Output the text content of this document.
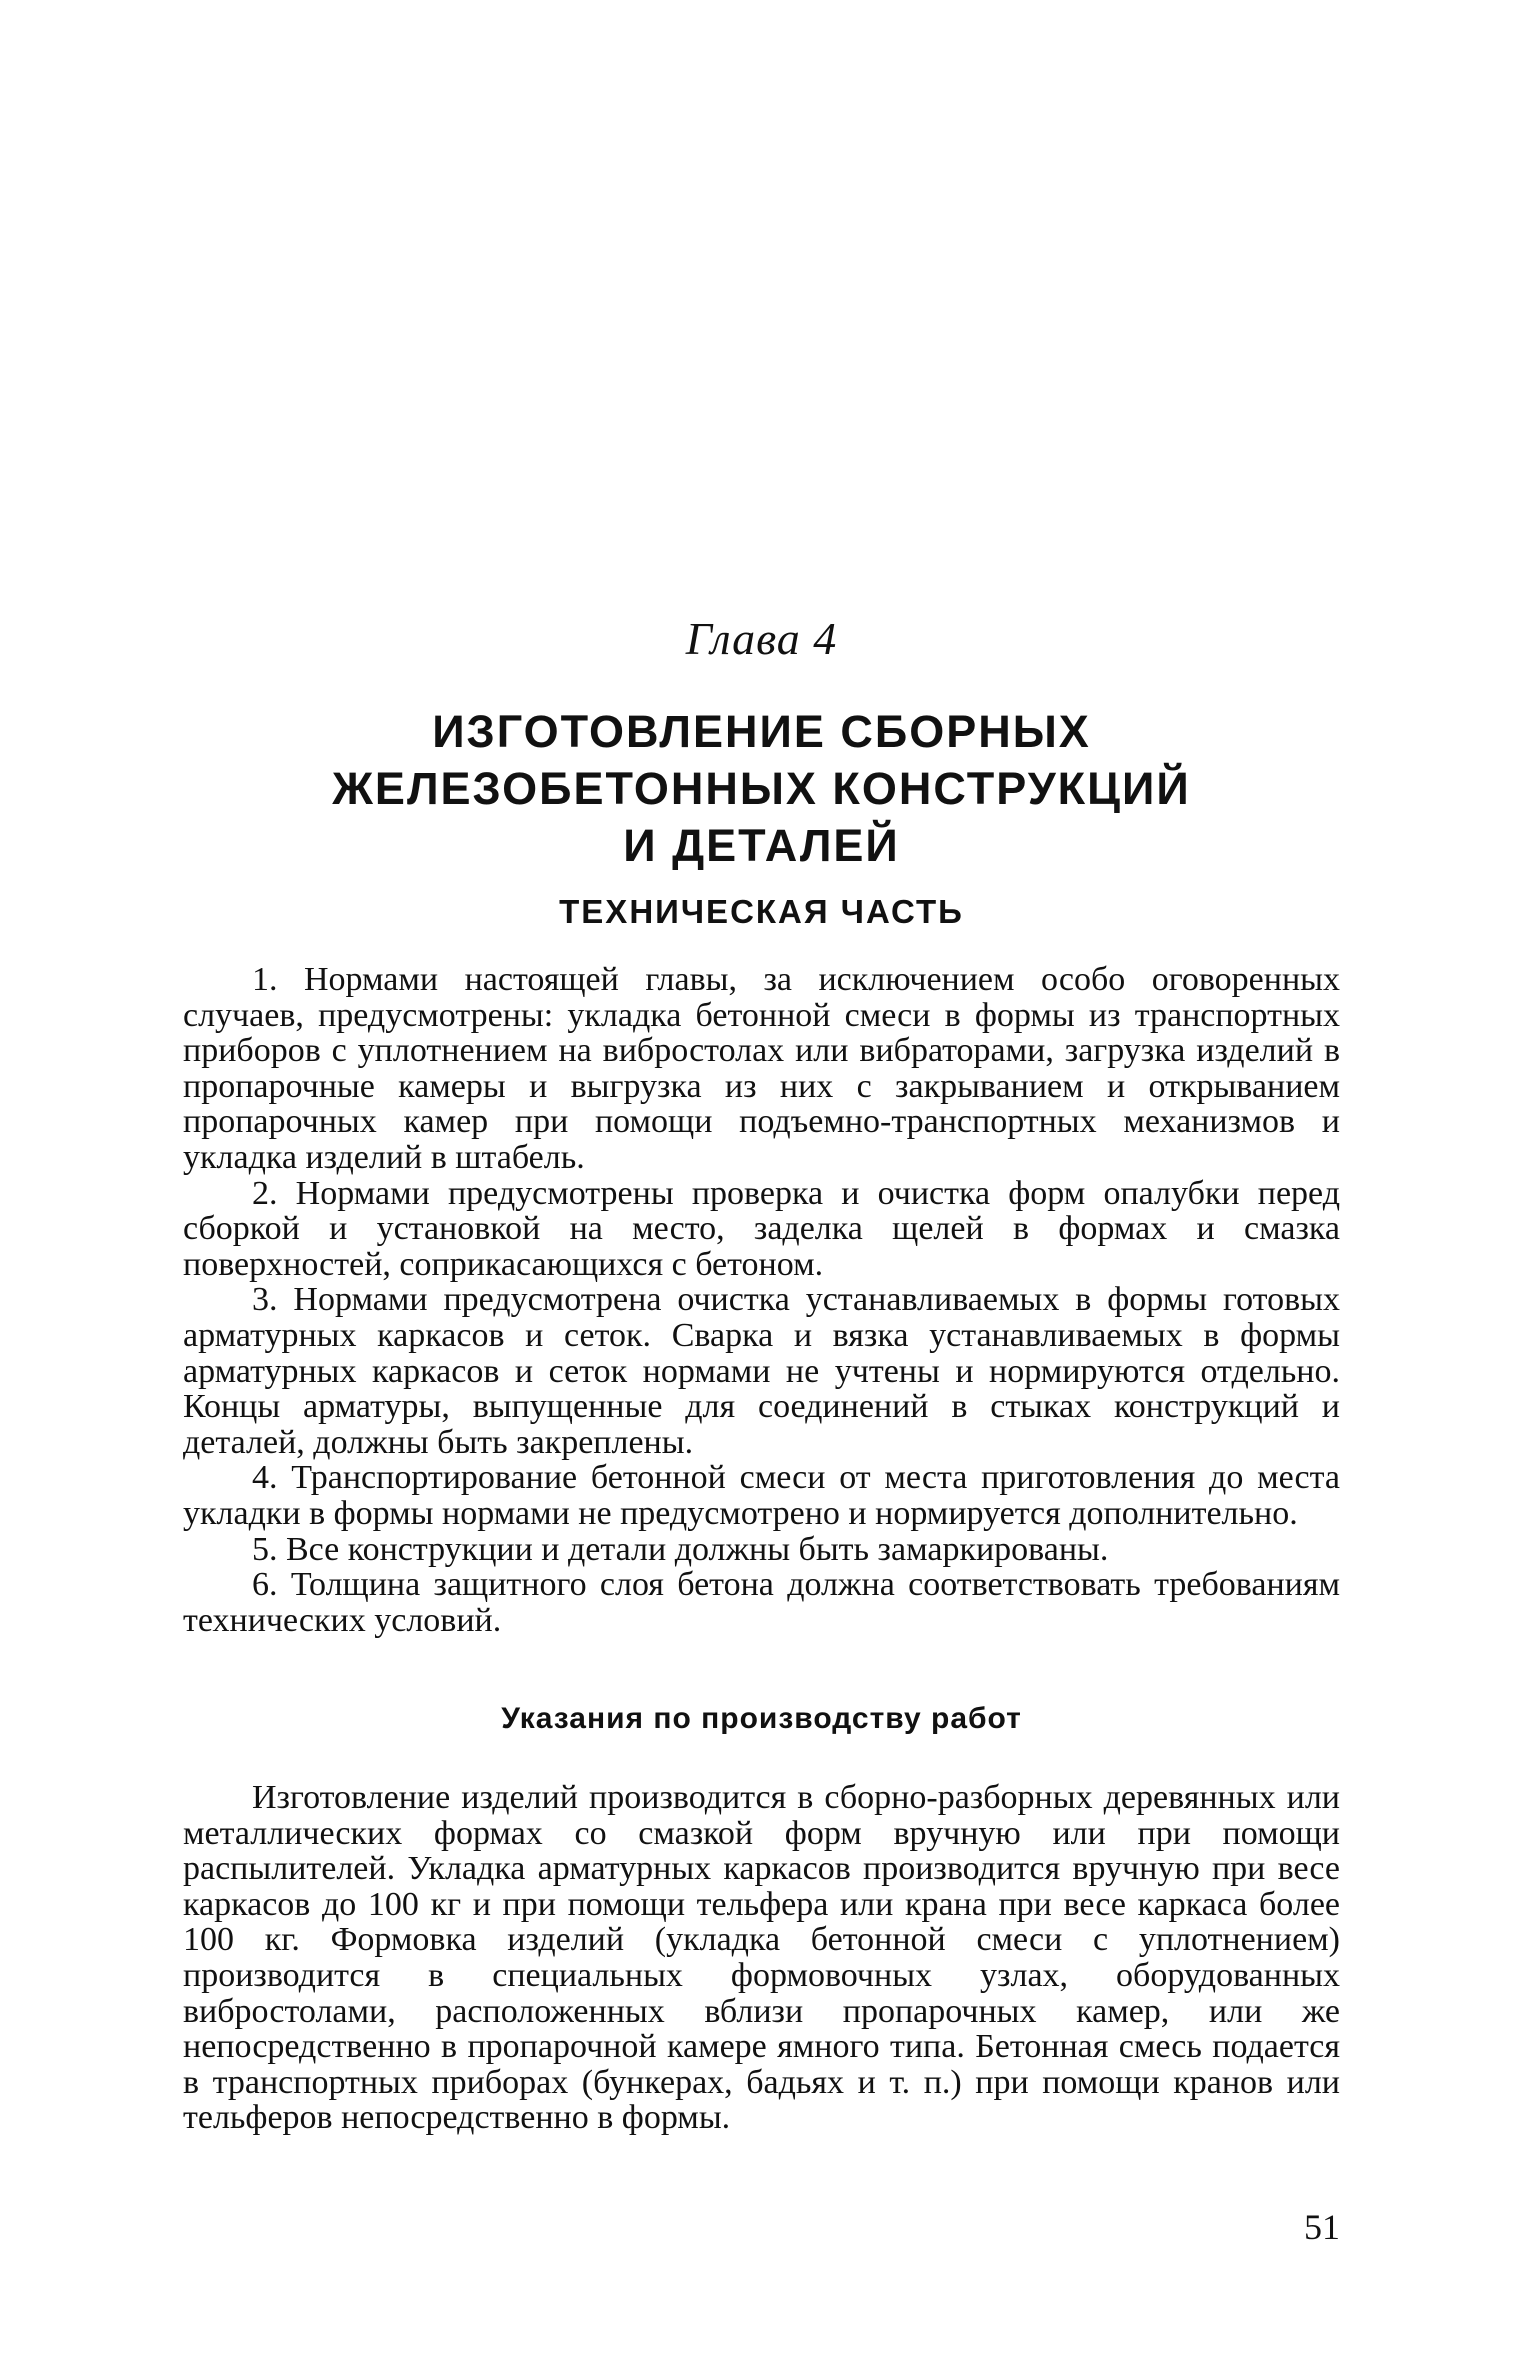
Глава 4
ИЗГОТОВЛЕНИЕ СБОРНЫХ
ЖЕЛЕЗОБЕТОННЫХ КОНСТРУКЦИЙ
И ДЕТАЛЕЙ
ТЕХНИЧЕСКАЯ ЧАСТЬ

1. Нормами настоящей главы, за исключением особо оговоренных случаев, предусмотрены: укладка бетонной смеси в формы из транспортных приборов с уплотнением на вибростолах или вибраторами, загрузка изделий в пропарочные камеры и выгрузка из них с закрыванием и открыванием пропарочных камер при помощи подъемно-транспортных механизмов и укладка изделий в штабель.

2. Нормами предусмотрены проверка и очистка форм опалубки перед сборкой и установкой на место, заделка щелей в формах и смазка поверхностей, соприкасающихся с бетоном.

3. Нормами предусмотрена очистка устанавливаемых в формы готовых арматурных каркасов и сеток. Сварка и вязка устанавливаемых в формы арматурных каркасов и сеток нормами не учтены и нормируются отдельно. Концы арматуры, выпущенные для соединений в стыках конструкций и деталей, должны быть закреплены.

4. Транспортирование бетонной смеси от места приготовления до места укладки в формы нормами не предусмотрено и нормируется дополнительно.

5. Все конструкции и детали должны быть замаркированы.

6. Толщина защитного слоя бетона должна соответствовать требованиям технических условий.

Указания по производству работ

Изготовление изделий производится в сборно-разборных деревянных или металлических формах со смазкой форм вручную или при помощи распылителей. Укладка арматурных каркасов производится вручную при весе каркасов до 100 кг и при помощи тельфера или крана при весе каркаса более 100 кг. Формовка изделий (укладка бетонной смеси с уплотнением) производится в специальных формовочных узлах, оборудованных вибростолами, расположенных вблизи пропарочных камер, или же непосредственно в пропарочной камере ямного типа. Бетонная смесь подается в транспортных приборах (бункерах, бадьях и т. п.) при помощи кранов или тельферов непосредственно в формы.

51
